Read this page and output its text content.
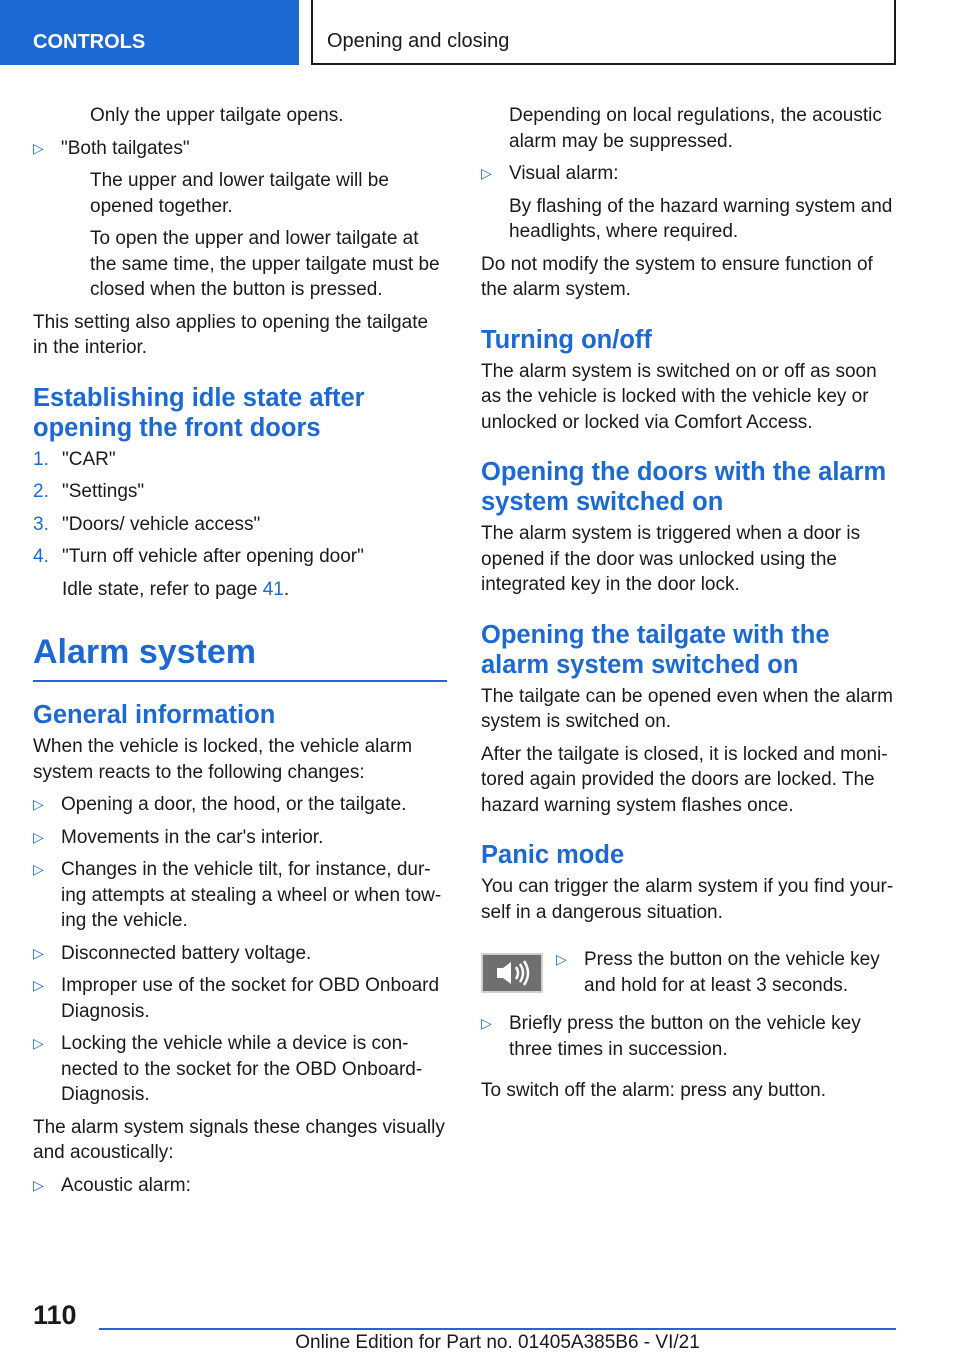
CONTROLS	Opening and closing

Only the upper tailgate opens.

▷ "Both tailgates"

The upper and lower tailgate will be opened together.

To open the upper and lower tailgate at the same time, the upper tailgate must be closed when the button is pressed.

This setting also applies to opening the tailgate in the interior.

Establishing idle state after opening the front doors
1. "CAR"
2. "Settings"
3. "Doors/ vehicle access"
4. "Turn off vehicle after opening door"

Idle state, refer to page 41.

Alarm system
General information

When the vehicle is locked, the vehicle alarm system reacts to the following changes:

▷ Opening a door, the hood, or the tailgate.
▷ Movements in the car's interior.
▷ Changes in the vehicle tilt, for instance, dur-ing attempts at stealing a wheel or when tow-ing the vehicle.
▷ Disconnected battery voltage.
▷ Improper use of the socket for OBD Onboard Diagnosis.
▷ Locking the vehicle while a device is con-nected to the socket for the OBD Onboard-Diagnosis.

The alarm system signals these changes visually and acoustically:

▷ Acoustic alarm:

Depending on local regulations, the acoustic alarm may be suppressed.

▷ Visual alarm:

By flashing of the hazard warning system and headlights, where required.

Do not modify the system to ensure function of the alarm system.

Turning on/off

The alarm system is switched on or off as soon as the vehicle is locked with the vehicle key or unlocked or locked via Comfort Access.

Opening the doors with the alarm system switched on

The alarm system is triggered when a door is opened if the door was unlocked using the integrated key in the door lock.

Opening the tailgate with the alarm system switched on

The tailgate can be opened even when the alarm system is switched on.

After the tailgate is closed, it is locked and moni-tored again provided the doors are locked. The hazard warning system flashes once.

Panic mode

You can trigger the alarm system if you find your-self in a dangerous situation.

▷ Press the button on the vehicle key and hold for at least 3 seconds.
▷ Briefly press the button on the vehicle key three times in succession.

To switch off the alarm: press any button.

110
Online Edition for Part no. 01405A385B6 - VI/21
